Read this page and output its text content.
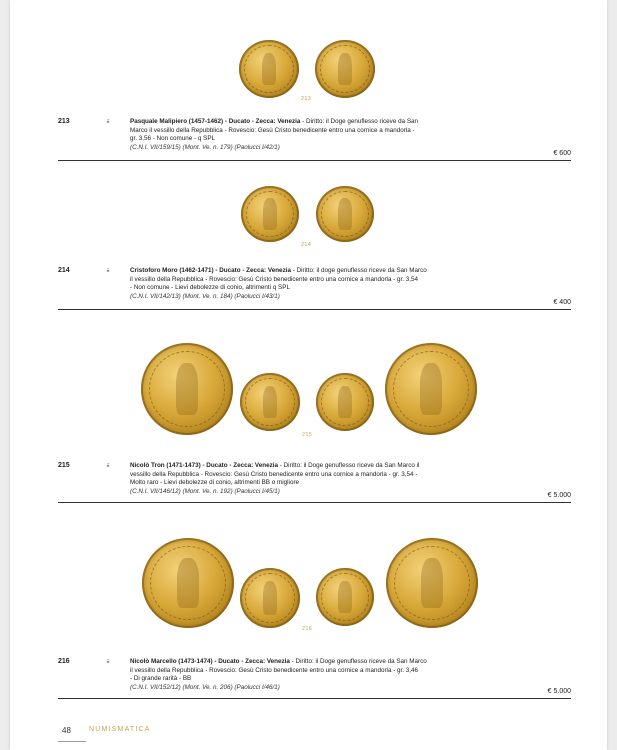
213
213	ಽ	Pasquale Malipiero (1457-1462) - Ducato - Zecca: Venezia - Diritto: il Doge genuflesso riceve da San
Marco il vessillo della Repubblica - Rovescio: Gesù Cristo benedicente entro una cornice a mandorla -
gr. 3,56 - Non comune - q SPL
(C.N.I. VII/159/15) (Mont. Ve. n. 179) (Paolucci I/42/1)
€ 600
214
214	ಽ	Cristoforo Moro (1462-1471) - Ducato - Zecca: Venezia - Diritto: il doge genuflesso riceve da San Marco
il vessillo della Repubblica - Rovescio: Gesù Cristo benedicente entro una cornice a mandorla - gr. 3,54
- Non comune - Lievi debolezze di conio, altrimenti q SPL
(C.N.I. VII/142/13) (Mont. Ve. n. 184) (Paolucci I/43/1)
€ 400
215
215	ಽ	Nicolò Tron (1471-1473) - Ducato - Zecca: Venezia - Diritto: il Doge genuflesso riceve da San Marco il
vessillo della Repubblica - Rovescio: Gesù Cristo benedicente entro una cornice a mandorla - gr. 3,54 -
Molto raro - Lievi debolezze di conio, altrimenti BB o migliore
(C.N.I. VII/146/12) (Mont. Ve. n. 192) (Paolucci I/45/1)
€ 5.000
216
216	ಽ	Nicolò Marcello (1473-1474) - Ducato - Zecca: Venezia - Diritto: il Doge genuflesso riceve da San Marco
il vessillo della Repubblica - Rovescio: Gesù Cristo benedicente entro una cornice a mandorla - gr. 3,46
- Di grande rarità - BB
(C.N.I. VII/152/12) (Mont. Ve. n. 206) (Paolucci I/46/1)
€ 5.000
48	NUMISMATICA
